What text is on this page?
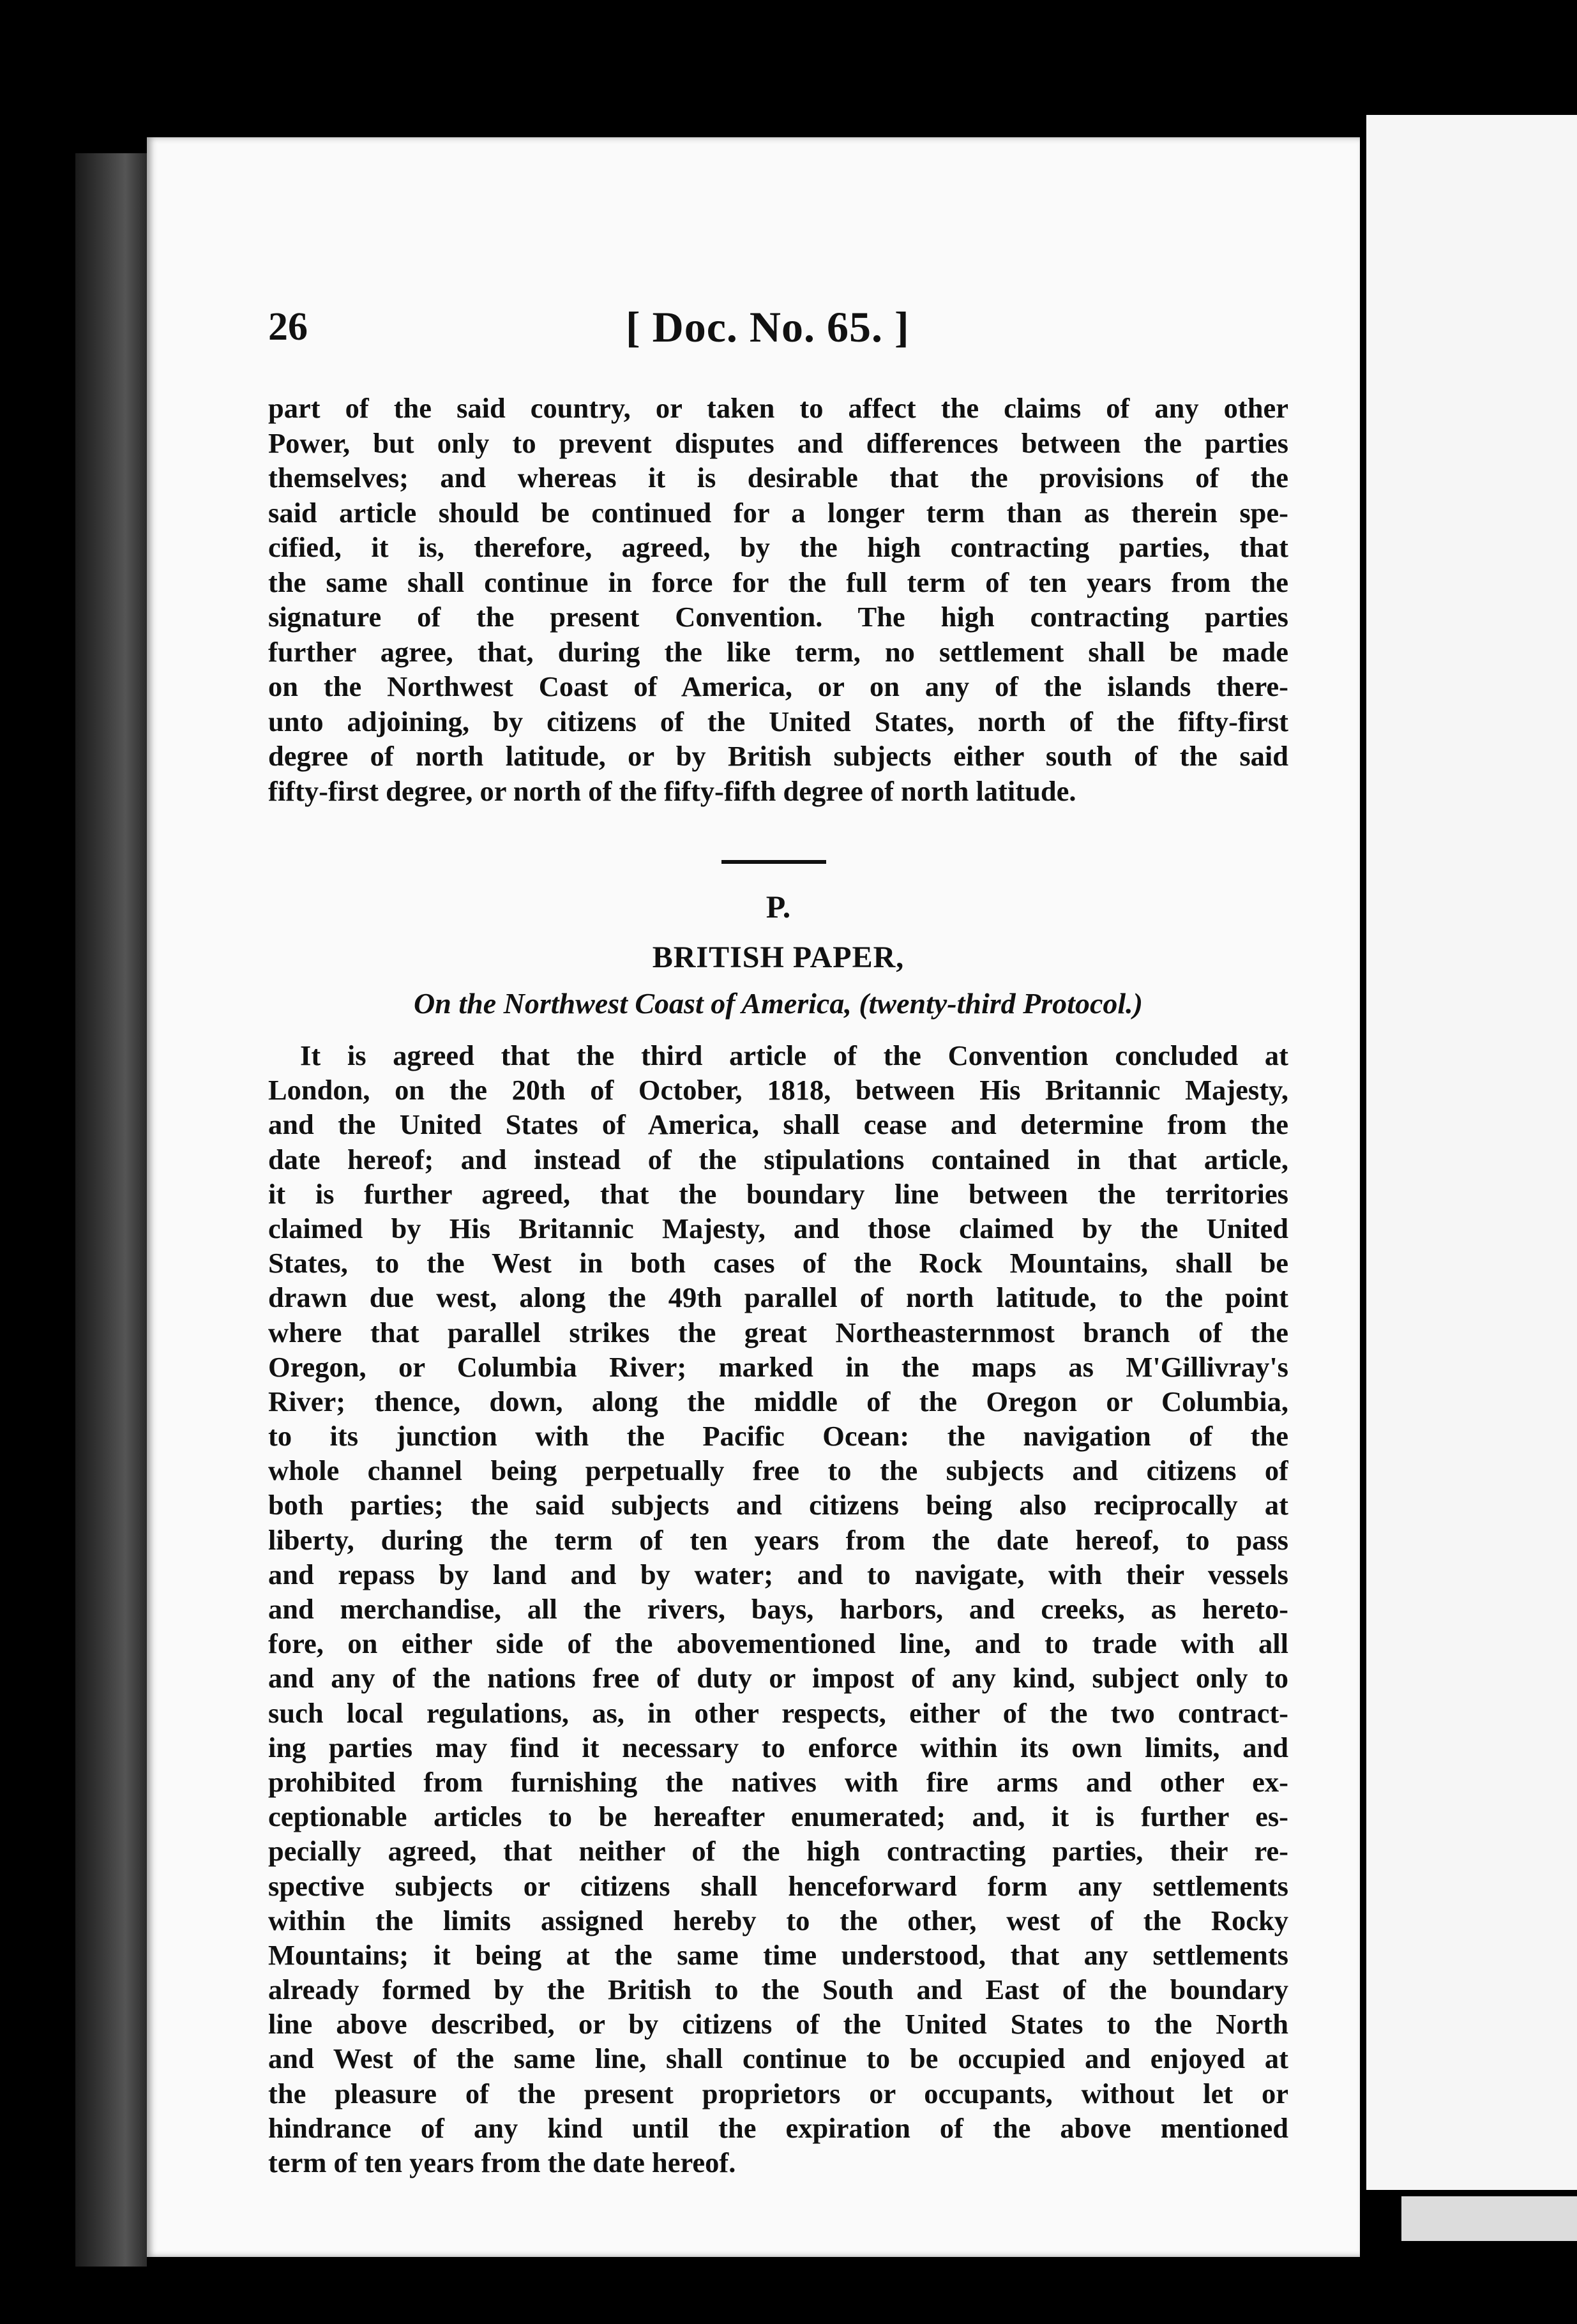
26	[ Doc. No. 65. ]
part of the said country, or taken to affect the claims of any other
Power, but only to prevent disputes and differences between the parties
themselves; and whereas it is desirable that the provisions of the
said article should be continued for a longer term than as therein spe-
cified, it is, therefore, agreed, by the high contracting parties, that
the same shall continue in force for the full term of ten years from the
signature of the present Convention. The high contracting parties
further agree, that, during the like term, no settlement shall be made
on the Northwest Coast of America, or on any of the islands there-
unto adjoining, by citizens of the United States, north of the fifty-first
degree of north latitude, or by British subjects either south of the said
fifty-first degree, or north of the fifty-fifth degree of north latitude.
P.
BRITISH PAPER,
On the Northwest Coast of America, (twenty-third Protocol.)
It is agreed that the third article of the Convention concluded at
London, on the 20th of October, 1818, between His Britannic Majesty,
and the United States of America, shall cease and determine from the
date hereof; and instead of the stipulations contained in that article,
it is further agreed, that the boundary line between the territories
claimed by His Britannic Majesty, and those claimed by the United
States, to the West in both cases of the Rock Mountains, shall be
drawn due west, along the 49th parallel of north latitude, to the point
where that parallel strikes the great Northeasternmost branch of the
Oregon, or Columbia River; marked in the maps as M'Gillivray's
River; thence, down, along the middle of the Oregon or Columbia,
to its junction with the Pacific Ocean: the navigation of the
whole channel being perpetually free to the subjects and citizens of
both parties; the said subjects and citizens being also reciprocally at
liberty, during the term of ten years from the date hereof, to pass
and repass by land and by water; and to navigate, with their vessels
and merchandise, all the rivers, bays, harbors, and creeks, as hereto-
fore, on either side of the abovementioned line, and to trade with all
and any of the nations free of duty or impost of any kind, subject only to
such local regulations, as, in other respects, either of the two contract-
ing parties may find it necessary to enforce within its own limits, and
prohibited from furnishing the natives with fire arms and other ex-
ceptionable articles to be hereafter enumerated; and, it is further es-
pecially agreed, that neither of the high contracting parties, their re-
spective subjects or citizens shall henceforward form any settlements
within the limits assigned hereby to the other, west of the Rocky
Mountains; it being at the same time understood, that any settlements
already formed by the British to the South and East of the boundary
line above described, or by citizens of the United States to the North
and West of the same line, shall continue to be occupied and enjoyed at
the pleasure of the present proprietors or occupants, without let or
hindrance of any kind until the expiration of the above mentioned
term of ten years from the date hereof.
